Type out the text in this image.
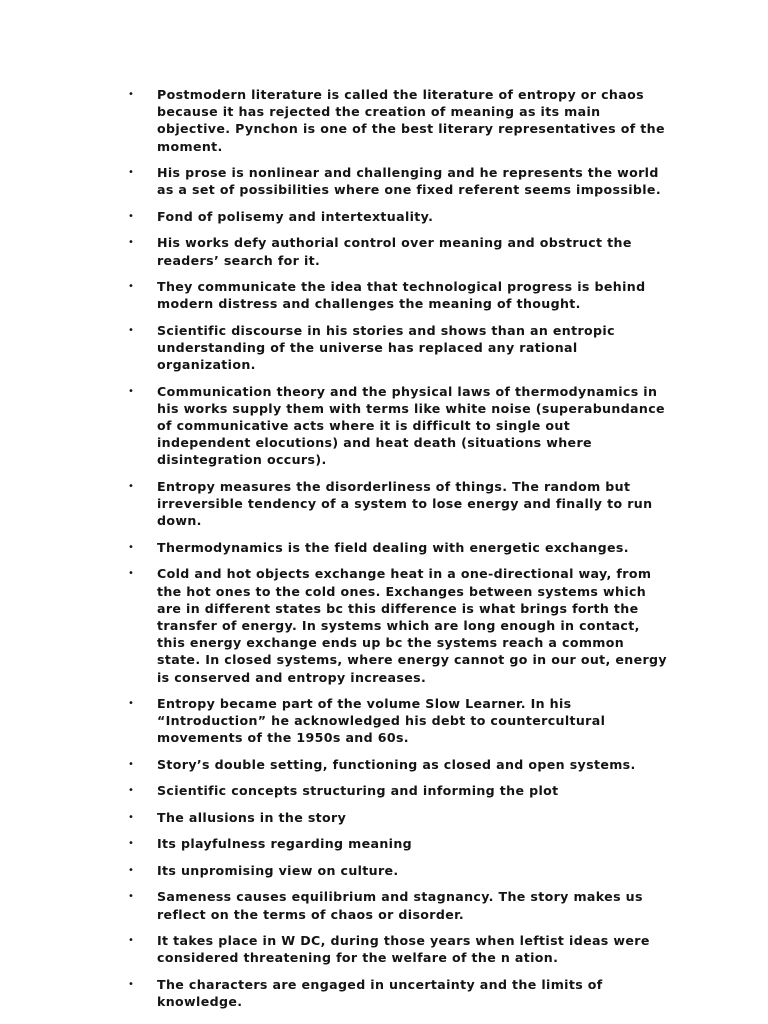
• Postmodern literature is called the literature of entropy or chaos because it has rejected the creation of meaning as its main objective. Pynchon is one of the best literary representatives of the moment.
• His prose is nonlinear and challenging and he represents the world as a set of possibilities where one fixed referent seems impossible.
• Fond of polisemy and intertextuality.
• His works defy authorial control over meaning and obstruct the readers’ search for it.
• They communicate the idea that technological progress is behind modern distress and challenges the meaning of thought.
• Scientific discourse in his stories and shows than an entropic understanding of the universe has replaced any rational organization.
• Communication theory and the physical laws of thermodynamics in his works supply them with terms like white noise (superabundance of communicative acts where it is difficult to single out independent elocutions) and heat death (situations where disintegration occurs).
• Entropy measures the disorderliness of things. The random but irreversible tendency of a system to lose energy and finally to run down.
• Thermodynamics is the field dealing with energetic exchanges.
• Cold and hot objects exchange heat in a one-directional way, from the hot ones to the cold ones. Exchanges between systems which are in different states bc this difference is what brings forth the transfer of energy. In systems which are long enough in contact, this energy exchange ends up bc the systems reach a common state. In closed systems, where energy cannot go in our out, energy is conserved and entropy increases.
• Entropy became part of the volume Slow Learner. In his “Introduction” he acknowledged his debt to countercultural movements of the 1950s and 60s.
• Story’s double setting, functioning as closed and open systems.
• Scientific concepts structuring and informing the plot
• The allusions in the story
• Its playfulness regarding meaning
• Its unpromising view on culture.
• Sameness causes equilibrium and stagnancy. The story makes us reflect on the terms of chaos or disorder.
• It takes place in W DC, during those years when leftist ideas were considered threatening for the welfare of the n ation.
• The characters are engaged in uncertainty and the limits of knowledge.
